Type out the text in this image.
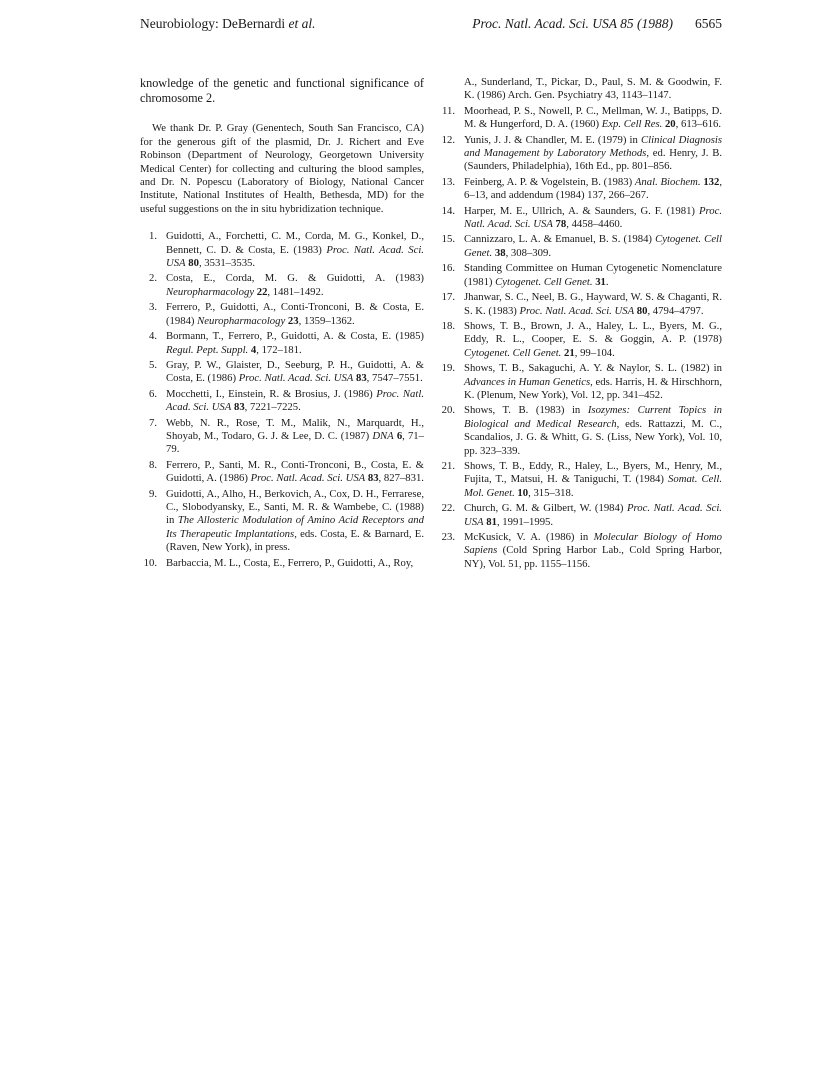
Neurobiology: DeBernardi et al.	Proc. Natl. Acad. Sci. USA 85 (1988) 6565

knowledge of the genetic and functional significance of chromosome 2.

We thank Dr. P. Gray (Genentech, South San Francisco, CA) for the generous gift of the plasmid, Dr. J. Richert and Eve Robinson (Department of Neurology, Georgetown University Medical Center) for collecting and culturing the blood samples, and Dr. N. Popescu (Laboratory of Biology, National Cancer Institute, National Institutes of Health, Bethesda, MD) for the useful suggestions on the in situ hybridization technique.

1. Guidotti, A., Forchetti, C. M., Corda, M. G., Konkel, D., Bennett, C. D. & Costa, E. (1983) Proc. Natl. Acad. Sci. USA 80, 3531–3535.
2. Costa, E., Corda, M. G. & Guidotti, A. (1983) Neuropharmacology 22, 1481–1492.
3. Ferrero, P., Guidotti, A., Conti-Tronconi, B. & Costa, E. (1984) Neuropharmacology 23, 1359–1362.
4. Bormann, T., Ferrero, P., Guidotti, A. & Costa, E. (1985) Regul. Pept. Suppl. 4, 172–181.
5. Gray, P. W., Glaister, D., Seeburg, P. H., Guidotti, A. & Costa, E. (1986) Proc. Natl. Acad. Sci. USA 83, 7547–7551.
6. Mocchetti, I., Einstein, R. & Brosius, J. (1986) Proc. Natl. Acad. Sci. USA 83, 7221–7225.
7. Webb, N. R., Rose, T. M., Malik, N., Marquardt, H., Shoyab, M., Todaro, G. J. & Lee, D. C. (1987) DNA 6, 71–79.
8. Ferrero, P., Santi, M. R., Conti-Tronconi, B., Costa, E. & Guidotti, A. (1986) Proc. Natl. Acad. Sci. USA 83, 827–831.
9. Guidotti, A., Alho, H., Berkovich, A., Cox, D. H., Ferrarese, C., Slobodyansky, E., Santi, M. R. & Wambebe, C. (1988) in The Allosteric Modulation of Amino Acid Receptors and Its Therapeutic Implantations, eds. Costa, E. & Barnard, E. (Raven, New York), in press.
10. Barbaccia, M. L., Costa, E., Ferrero, P., Guidotti, A., Roy,

A., Sunderland, T., Pickar, D., Paul, S. M. & Goodwin, F. K. (1986) Arch. Gen. Psychiatry 43, 1143–1147.

11. Moorhead, P. S., Nowell, P. C., Mellman, W. J., Batipps, D. M. & Hungerford, D. A. (1960) Exp. Cell Res. 20, 613–616.
12. Yunis, J. J. & Chandler, M. E. (1979) in Clinical Diagnosis and Management by Laboratory Methods, ed. Henry, J. B. (Saunders, Philadelphia), 16th Ed., pp. 801–856.
13. Feinberg, A. P. & Vogelstein, B. (1983) Anal. Biochem. 132, 6–13, and addendum (1984) 137, 266–267.
14. Harper, M. E., Ullrich, A. & Saunders, G. F. (1981) Proc. Natl. Acad. Sci. USA 78, 4458–4460.
15. Cannizzaro, L. A. & Emanuel, B. S. (1984) Cytogenet. Cell Genet. 38, 308–309.
16. Standing Committee on Human Cytogenetic Nomenclature (1981) Cytogenet. Cell Genet. 31.
17. Jhanwar, S. C., Neel, B. G., Hayward, W. S. & Chaganti, R. S. K. (1983) Proc. Natl. Acad. Sci. USA 80, 4794–4797.
18. Shows, T. B., Brown, J. A., Haley, L. L., Byers, M. G., Eddy, R. L., Cooper, E. S. & Goggin, A. P. (1978) Cytogenet. Cell Genet. 21, 99–104.
19. Shows, T. B., Sakaguchi, A. Y. & Naylor, S. L. (1982) in Advances in Human Genetics, eds. Harris, H. & Hirschhorn, K. (Plenum, New York), Vol. 12, pp. 341–452.
20. Shows, T. B. (1983) in Isozymes: Current Topics in Biological and Medical Research, eds. Rattazzi, M. C., Scandalios, J. G. & Whitt, G. S. (Liss, New York), Vol. 10, pp. 323–339.
21. Shows, T. B., Eddy, R., Haley, L., Byers, M., Henry, M., Fujita, T., Matsui, H. & Taniguchi, T. (1984) Somat. Cell. Mol. Genet. 10, 315–318.
22. Church, G. M. & Gilbert, W. (1984) Proc. Natl. Acad. Sci. USA 81, 1991–1995.
23. McKusick, V. A. (1986) in Molecular Biology of Homo Sapiens (Cold Spring Harbor Lab., Cold Spring Harbor, NY), Vol. 51, pp. 1155–1156.
